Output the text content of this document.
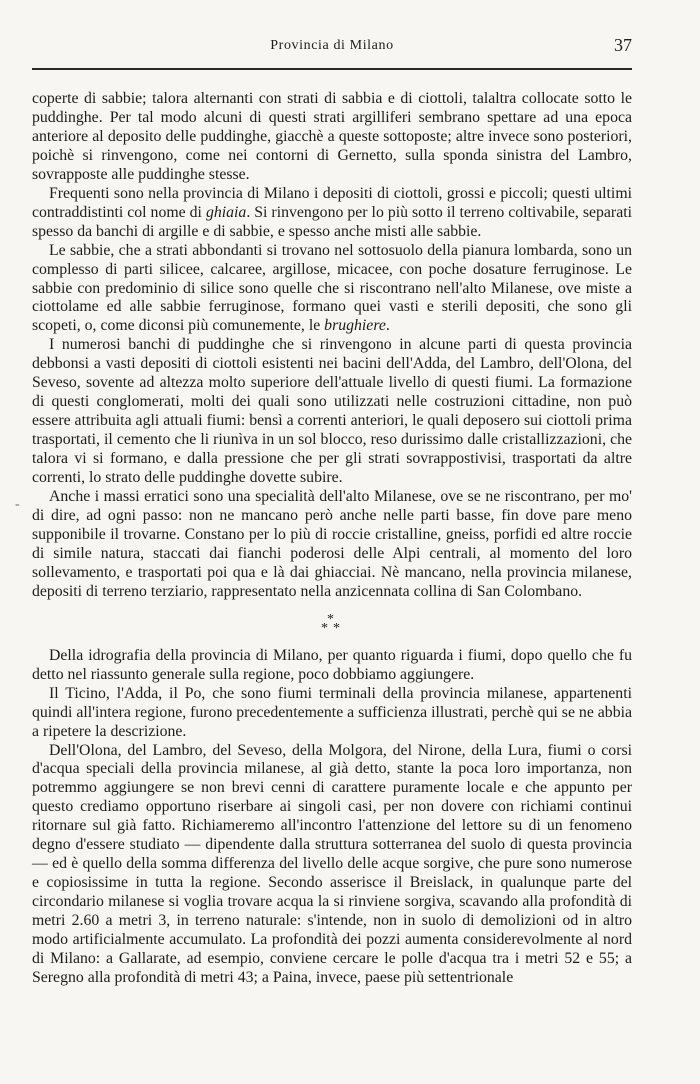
Provincia di Milano	37
-

coperte di sabbie; talora alternanti con strati di sabbia e di ciottoli, talaltra collocate sotto le puddinghe. Per tal modo alcuni di questi strati argilliferi sembrano spettare ad una epoca anteriore al deposito delle puddinghe, giacchè a queste sottoposte; altre invece sono posteriori, poichè si rinvengono, come nei contorni di Gernetto, sulla sponda sinistra del Lambro, sovrapposte alle puddinghe stesse.

Frequenti sono nella provincia di Milano i depositi di ciottoli, grossi e piccoli; questi ultimi contraddistinti col nome di ghiaia. Si rinvengono per lo più sotto il terreno coltivabile, separati spesso da banchi di argille e di sabbie, e spesso anche misti alle sabbie.

Le sabbie, che a strati abbondanti si trovano nel sottosuolo della pianura lombarda, sono un complesso di parti silicee, calcaree, argillose, micacee, con poche dosature ferruginose. Le sabbie con predominio di silice sono quelle che si riscontrano nell'alto Milanese, ove miste a ciottolame ed alle sabbie ferruginose, formano quei vasti e sterili depositi, che sono gli scopeti, o, come diconsi più comunemente, le brughiere.

I numerosi banchi di puddinghe che si rinvengono in alcune parti di questa provincia debbonsi a vasti depositi di ciottoli esistenti nei bacini dell'Adda, del Lambro, dell'Olona, del Seveso, sovente ad altezza molto superiore dell'attuale livello di questi fiumi. La formazione di questi conglomerati, molti dei quali sono utilizzati nelle costruzioni cittadine, non può essere attribuita agli attuali fiumi: bensì a correnti anteriori, le quali deposero sui ciottoli prima trasportati, il cemento che li riunìva in un sol blocco, reso durissimo dalle cristallizzazioni, che talora vi si formano, e dalla pressione che per gli strati sovrappostivisi, trasportati da altre correnti, lo strato delle puddinghe dovette subire.

Anche i massi erratici sono una specialità dell'alto Milanese, ove se ne riscontrano, per mo' di dire, ad ogni passo: non ne mancano però anche nelle parti basse, fin dove pare meno supponibile il trovarne. Constano per lo più di roccie cristalline, gneiss, porfidi ed altre roccie di simile natura, staccati dai fianchi poderosi delle Alpi centrali, al momento del loro sollevamento, e trasportati poi qua e là dai ghiacciai. Nè mancano, nella provincia milanese, depositi di terreno terziario, rappresentato nella anzicennata collina di San Colombano.

*
* *

Della idrografia della provincia di Milano, per quanto riguarda i fiumi, dopo quello che fu detto nel riassunto generale sulla regione, poco dobbiamo aggiungere.

Il Ticino, l'Adda, il Po, che sono fiumi terminali della provincia milanese, appartenenti quindi all'intera regione, furono precedentemente a sufficienza illustrati, perchè qui se ne abbia a ripetere la descrizione.

Dell'Olona, del Lambro, del Seveso, della Molgora, del Nirone, della Lura, fiumi o corsi d'acqua speciali della provincia milanese, al già detto, stante la poca loro importanza, non potremmo aggiungere se non brevi cenni di carattere puramente locale e che appunto per questo crediamo opportuno riserbare ai singoli casi, per non dovere con richiami continui ritornare sul già fatto. Richiameremo all'incontro l'attenzione del lettore su di un fenomeno degno d'essere studiato — dipendente dalla struttura sotterranea del suolo di questa provincia — ed è quello della somma differenza del livello delle acque sorgive, che pure sono numerose e copiosissime in tutta la regione. Secondo asserisce il Breislack, in qualunque parte del circondario milanese si voglia trovare acqua la si rinviene sorgiva, scavando alla profondità di metri 2.60 a metri 3, in terreno naturale: s'intende, non in suolo di demolizioni od in altro modo artificialmente accumulato. La profondità dei pozzi aumenta considerevolmente al nord di Milano: a Gallarate, ad esempio, conviene cercare le polle d'acqua tra i metri 52 e 55; a Seregno alla profondità di metri 43; a Paina, invece, paese più settentrionale
